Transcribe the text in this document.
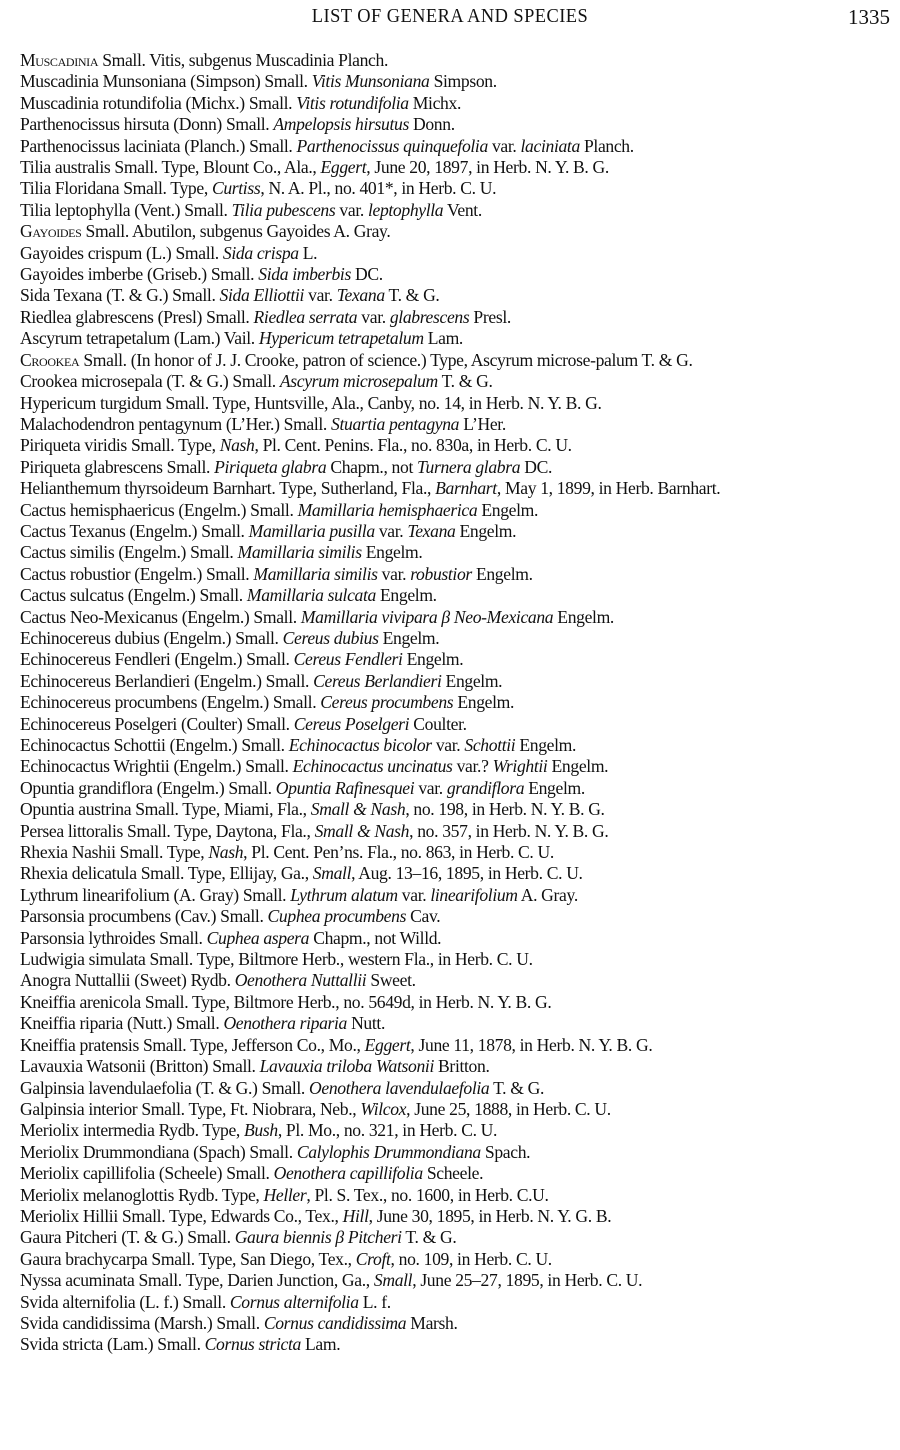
LIST OF GENERA AND SPECIES	1335
Muscadinia Small. Vitis, subgenus Muscadinia Planch.
Muscadinia Munsoniana (Simpson) Small. Vitis Munsoniana Simpson.
Muscadinia rotundifolia (Michx.) Small. Vitis rotundifolia Michx.
Parthenocissus hirsuta (Donn) Small. Ampelopsis hirsutus Donn.
Parthenocissus laciniata (Planch.) Small. Parthenocissus quinquefolia var. laciniata Planch.
Tilia australis Small. Type, Blount Co., Ala., Eggert, June 20, 1897, in Herb. N. Y. B. G.
Tilia Floridana Small. Type, Curtiss, N. A. Pl., no. 401*, in Herb. C. U.
Tilia leptophylla (Vent.) Small. Tilia pubescens var. leptophylla Vent.
Gayoides Small. Abutilon, subgenus Gayoides A. Gray.
Gayoides crispum (L.) Small. Sida crispa L.
Gayoides imberbe (Griseb.) Small. Sida imberbis DC.
Sida Texana (T. & G.) Small. Sida Elliottii var. Texana T. & G.
Riedlea glabrescens (Presl) Small. Riedlea serrata var. glabrescens Presl.
Ascyrum tetrapetalum (Lam.) Vail. Hypericum tetrapetalum Lam.
Crookea Small. (In honor of J. J. Crooke, patron of science.) Type, Ascyrum microse-palum T. & G.
Crookea microsepala (T. & G.) Small. Ascyrum microsepalum T. & G.
Hypericum turgidum Small. Type, Huntsville, Ala., Canby, no. 14, in Herb. N. Y. B. G.
Malachodendron pentagynum (L’Her.) Small. Stuartia pentagyna L’Her.
Piriqueta viridis Small. Type, Nash, Pl. Cent. Penins. Fla., no. 830a, in Herb. C. U.
Piriqueta glabrescens Small. Piriqueta glabra Chapm., not Turnera glabra DC.
Helianthemum thyrsoideum Barnhart. Type, Sutherland, Fla., Barnhart, May 1, 1899, in Herb. Barnhart.
Cactus hemisphaericus (Engelm.) Small. Mamillaria hemisphaerica Engelm.
Cactus Texanus (Engelm.) Small. Mamillaria pusilla var. Texana Engelm.
Cactus similis (Engelm.) Small. Mamillaria similis Engelm.
Cactus robustior (Engelm.) Small. Mamillaria similis var. robustior Engelm.
Cactus sulcatus (Engelm.) Small. Mamillaria sulcata Engelm.
Cactus Neo-Mexicanus (Engelm.) Small. Mamillaria vivipara β Neo-Mexicana Engelm.
Echinocereus dubius (Engelm.) Small. Cereus dubius Engelm.
Echinocereus Fendleri (Engelm.) Small. Cereus Fendleri Engelm.
Echinocereus Berlandieri (Engelm.) Small. Cereus Berlandieri Engelm.
Echinocereus procumbens (Engelm.) Small. Cereus procumbens Engelm.
Echinocereus Poselgeri (Coulter) Small. Cereus Poselgeri Coulter.
Echinocactus Schottii (Engelm.) Small. Echinocactus bicolor var. Schottii Engelm.
Echinocactus Wrightii (Engelm.) Small. Echinocactus uncinatus var.? Wrightii Engelm.
Opuntia grandiflora (Engelm.) Small. Opuntia Rafinesquei var. grandiflora Engelm.
Opuntia austrina Small. Type, Miami, Fla., Small & Nash, no. 198, in Herb. N. Y. B. G.
Persea littoralis Small. Type, Daytona, Fla., Small & Nash, no. 357, in Herb. N. Y. B. G.
Rhexia Nashii Small. Type, Nash, Pl. Cent. Pen’ns. Fla., no. 863, in Herb. C. U.
Rhexia delicatula Small. Type, Ellijay, Ga., Small, Aug. 13–16, 1895, in Herb. C. U.
Lythrum linearifolium (A. Gray) Small. Lythrum alatum var. linearifolium A. Gray.
Parsonsia procumbens (Cav.) Small. Cuphea procumbens Cav.
Parsonsia lythroides Small. Cuphea aspera Chapm., not Willd.
Ludwigia simulata Small. Type, Biltmore Herb., western Fla., in Herb. C. U.
Anogra Nuttallii (Sweet) Rydb. Oenothera Nuttallii Sweet.
Kneiffia arenicola Small. Type, Biltmore Herb., no. 5649d, in Herb. N. Y. B. G.
Kneiffia riparia (Nutt.) Small. Oenothera riparia Nutt.
Kneiffia pratensis Small. Type, Jefferson Co., Mo., Eggert, June 11, 1878, in Herb. N. Y. B. G.
Lavauxia Watsonii (Britton) Small. Lavauxia triloba Watsonii Britton.
Galpinsia lavendulaefolia (T. & G.) Small. Oenothera lavendulaefolia T. & G.
Galpinsia interior Small. Type, Ft. Niobrara, Neb., Wilcox, June 25, 1888, in Herb. C. U.
Meriolix intermedia Rydb. Type, Bush, Pl. Mo., no. 321, in Herb. C. U.
Meriolix Drummondiana (Spach) Small. Calylophis Drummondiana Spach.
Meriolix capillifolia (Scheele) Small. Oenothera capillifolia Scheele.
Meriolix melanoglottis Rydb. Type, Heller, Pl. S. Tex., no. 1600, in Herb. C.U.
Meriolix Hillii Small. Type, Edwards Co., Tex., Hill, June 30, 1895, in Herb. N. Y. G. B.
Gaura Pitcheri (T. & G.) Small. Gaura biennis β Pitcheri T. & G.
Gaura brachycarpa Small. Type, San Diego, Tex., Croft, no. 109, in Herb. C. U.
Nyssa acuminata Small. Type, Darien Junction, Ga., Small, June 25–27, 1895, in Herb. C. U.
Svida alternifolia (L. f.) Small. Cornus alternifolia L. f.
Svida candidissima (Marsh.) Small. Cornus candidissima Marsh.
Svida stricta (Lam.) Small. Cornus stricta Lam.
